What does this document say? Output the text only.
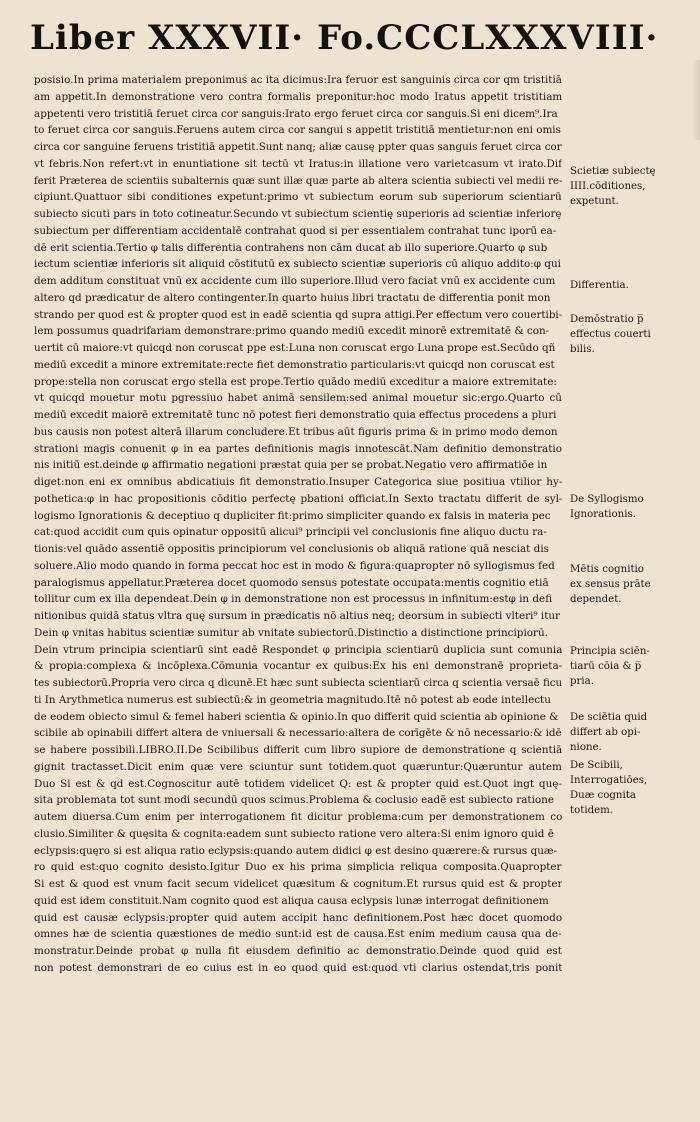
Liber XXXVII· Fo.CCCLXXXVIII·
posisio.In prima materialem preponimus ac ita dicimus:Ira feruor est sanguinis circa cor qm tristitiā
am appetit.In demonstratione vero contra formalis preponitur:hoc modo Iratus appetit tristitiam
appetenti vero tristitiā feruet circa cor sanguis:Irato ergo feruet circa cor sanguis.Si eni dicem⁹.Ira
to feruet circa cor sanguis.Feruens autem circa cor sangui s appetit tristitiā mentietur:non eni omis
circa cor sanguine feruens tristitiā appetit.Sunt nanq; aliæ causę ppter quas sanguis feruet circa cor
vt febris.Non refert:vt in enuntiatione sit tectū vt Iratus:in illatione vero varietcasum vt irato.Dif
ferit Præterea de scientiis subalternis quæ sunt illæ quæ parte ab altera scientia subiecti vel medii re-
cipiunt.Quattuor sibi conditiones expetunt:primo vt subiectum eorum sub superiorum scientiarū
subiecto sicuti pars in toto cotineatur.Secundo vt subiectum scientię superioris ad scientiæ inferiorę
subiectum per differentiam accidentalē contrahat quod si per essentialem contrahat tunc iporū ea-
dē erit scientia.Tertio φ talis differentia contrahens non cām ducat ab illo superiore.Quarto φ sub
iectum scientiæ inferioris sit aliquid cōstitutū ex subiecto scientiæ superioris cū aliquo addito:φ qui
dem additum constituat vnū ex accidente cum illo superiore.Illud vero faciat vnū ex accidente cum
altero qd prædicatur de altero contingenter.In quarto huius libri tractatu de differentia ponit mon
strando per quod est & propter quod est in eadē scientia qd supra attigi.Per effectum vero couertibi-
lem possumus quadrifariam demonstrare:primo quando mediū excedit minorē extremitatē & con-
uertit cū maiore:vt quicqd non coruscat ppe est:Luna non coruscat ergo Luna prope est.Secūdo qñ
mediū excedit a minore extremitate:recte fiet demonstratio particularis:vt quicqd non coruscat est
prope:stella non coruscat ergo stella est prope.Tertio quādo mediū exceditur a maiore extremitate:
vt quicqd mouetur motu pgressiuo habet animā sensilem:sed animal mouetur sic:ergo.Quarto cū
mediū excedit maiorē extremitatē tunc nō potest fieri demonstratio quia effectus procedens a pluri
bus causis non potest alterā illarum concludere.Et tribus aūt figuris prima & in primo modo demon
strationi magis conuenit φ in ea partes definitionis magis innotescāt.Nam definitio demonstratio
nis initiū est.deinde φ affirmatio negationi præstat quia per se probat.Negatio vero affirmatiōe in
diget:non eni ex omnibus abdicatiuis fit demonstratio.Insuper Categorica siue positiua vtilior hy-
pothetica:φ in hac propositionis cōditio perfectę pbationi officiat.In Sexto tractatu differit de syl-
logismo Ignorationis & deceptiuo q dupliciter fit:primo simpliciter quando ex falsis in materia pec
cat:quod accidit cum quis opinatur oppositū alicui⁹ principii vel conclusionis fine aliquo ductu ra-
tionis:vel quādo assentiē oppositis principiorum vel conclusionis ob aliquā ratione quā nesciat dis
soluere.Alio modo quando in forma peccat hoc est in modo & figura:quapropter nō syllogismus fed
paralogismus appellatur.Præterea docet quomodo sensus potestate occupata:mentis cognitio etiā
tollitur cum ex illa dependeat.Dein φ in demonstratione non est processus in infinitum:estφ in defi
nitionibus quidā status vltra quę sursum in prædicatis nō altius neq; deorsum in subiecti vlteri⁹ itur
Dein φ vnitas habitus scientiæ sumitur ab vnitate subiectorū.Distinctio a distinctione principiorū.
Dein vtrum principia scientiarū sint eadē Respondet φ principia scientiarū duplicia sunt comunia
& propia:complexa & incōplexa.Cōmunia vocantur ex quibus:Ex his eni demonstranē proprieta-
tes subiectorū.Propria vero circa q dicunē.Et hæc sunt subiecta scientiarū circa q scientia versaē ficu
ti In Arythmetica numerus est subiectū:& in geometria magnitudo.Itē nō potest ab eode intellectu
de eodem obiecto simul & femel haberi scientia & opinio.In quo differit quid scientia ab opinione &
scibile ab opinabili differt altera de vniuersali & necessario:altera de corīgēte & nō necessario:& idē
se habere possibili.LIBRO.II.De Scibilibus differit cum libro supiore de demonstratione q scientiā
gignit tractasset.Dicit enim quæ vere sciuntur sunt totidem.quot quæruntur:Quæruntur autem
Duo Si est & qd est.Cognoscitur autē totidem videlicet Q: est & propter quid est.Quot ingt quę-
sita problemata tot sunt modi secundū quos scimus.Problema & coclusio eadē est subiecto ratione
autem diuersa.Cum enim per interrogationem fit dicitur problema:cum per demonstrationem co
clusio.Similiter & quęsita & cognita:eadem sunt subiecto ratione vero altera:Si enim ignoro quid ē
eclypsis:quęro si est aliqua ratio eclypsis:quando autem didici φ est desino quærere:& rursus quæ-
ro quid est:quo cognito desisto.Igitur Duo ex his prima simplicia reliqua composita.Quapropter
Si est & quod est vnum facit secum videlicet quæsitum & cognitum.Et rursus quid est & propter
quid est idem constituit.Nam cognito quod est aliqua causa eclypsis lunæ interrogat definitionem
quid est causæ eclypsis:propter quid autem accipit hanc definitionem.Post hæc docet quomodo
omnes hæ de scientia quæstiones de medio sunt:id est de causa.Est enim medium causa qua de-
monstratur.Deinde probat φ nulla fit eiusdem definitio ac demonstratio.Deinde quod quid est
non potest demonstrari de eo cuius est in eo quod quid est:quod vti clarius ostendat,tris ponit
Scietiæ subiectę
IIII.cōditiones,
expetunt.
Differentia.
Demōstratio p̅
effectus couerti
bilis.
De Syllogismo
Ignorationis.
Mētis cognitio
ex sensus prāte
dependet.
Principia sciēn-
tiarū cōia & p̅
pria.
De sciētia quid
differt ab opi-
nione.
De Scibili,
Interrogatiōes,
Duæ cognita
totidem.
